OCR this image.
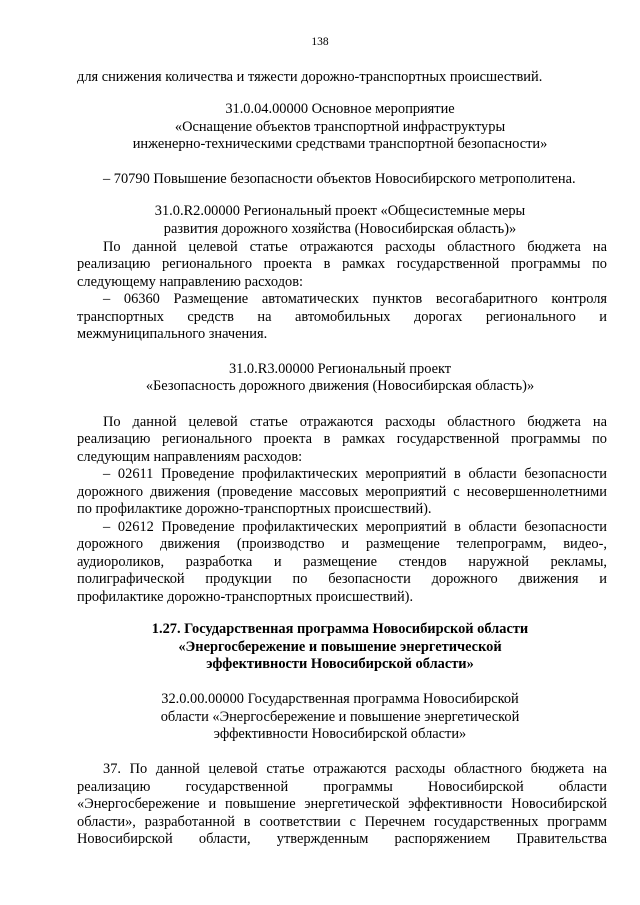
138
для снижения количества и тяжести дорожно-транспортных происшествий.
31.0.04.00000 Основное мероприятие
«Оснащение объектов транспортной инфраструктуры
инженерно-техническими средствами транспортной безопасности»
– 70790 Повышение безопасности объектов Новосибирского метрополитена.
31.0.R2.00000 Региональный проект «Общесистемные меры
развития дорожного хозяйства (Новосибирская область)»
По данной целевой статье отражаются расходы областного бюджета на
реализацию регионального проекта в рамках государственной программы по
следующему направлению расходов:
– 06360 Размещение автоматических пунктов весогабаритного контроля
транспортных средств на автомобильных дорогах регионального и
межмуниципального значения.
31.0.R3.00000 Региональный проект
«Безопасность дорожного движения (Новосибирская область)»
По данной целевой статье отражаются расходы областного бюджета на
реализацию регионального проекта в рамках государственной программы по
следующим направлениям расходов:
– 02611 Проведение профилактических мероприятий в области безопасности
дорожного движения (проведение массовых мероприятий с несовершеннолетними
по профилактике дорожно-транспортных происшествий).
– 02612 Проведение профилактических мероприятий в области безопасности
дорожного движения (производство и размещение телепрограмм, видео-,
аудиороликов, разработка и размещение стендов наружной рекламы,
полиграфической продукции по безопасности дорожного движения и
профилактике дорожно-транспортных происшествий).
1.27. Государственная программа Новосибирской области
«Энергосбережение и повышение энергетической
эффективности Новосибирской области»
32.0.00.00000 Государственная программа Новосибирской
области «Энергосбережение и повышение энергетической
эффективности Новосибирской области»
37. По данной целевой статье отражаются расходы областного бюджета на
реализацию государственной программы Новосибирской области
«Энергосбережение и повышение энергетической эффективности Новосибирской
области», разработанной в соответствии с Перечнем государственных программ
Новосибирской области, утвержденным распоряжением Правительства
